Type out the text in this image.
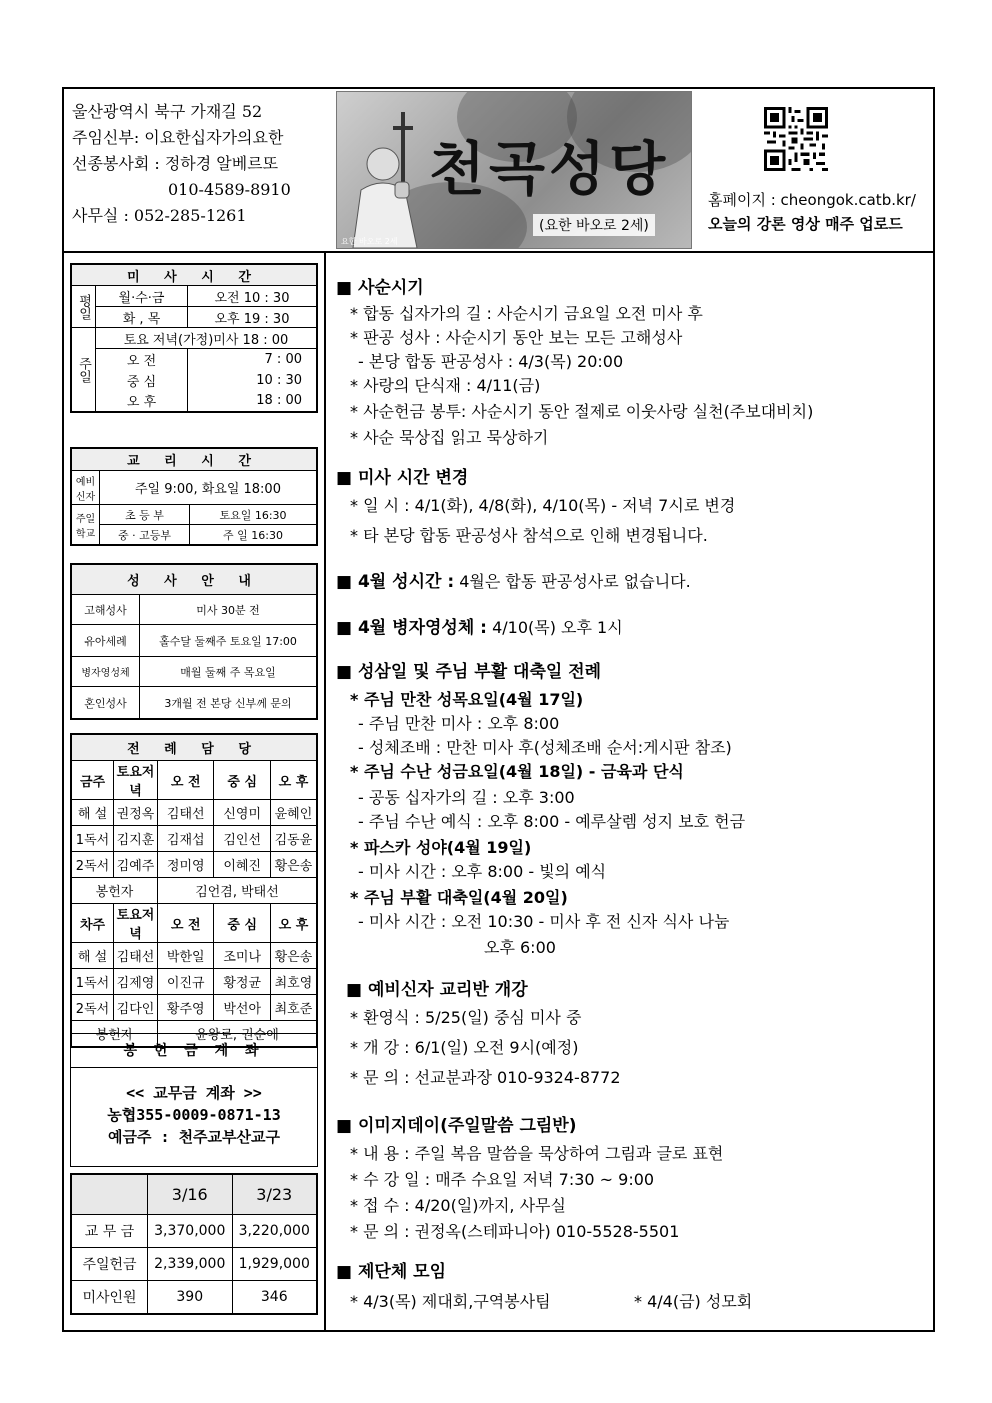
울산광역시 북구 가재길 52
주임신부: 이요한십자가의요한
선종봉사회 : 정하경 알베르또
010-4589-8910
사무실 : 052-285-1261
천곡성당
(요한 바오로 2세)
요한 바오로 2세
홈페이지 : cheongok.catb.kr/
오늘의 강론 영상 매주 업로드
미 사 시 간		
평일	월·수·금	오전 10 : 30
	화 , 목	오후 19 : 30
주일	토요 저녁(가정)미사 18 : 00	
	오 전	7 : 00
	중 심	10 : 30
	오 후	18 : 00
교 리 시 간		
예비신자	주일 9:00, 화요일 18:00	
주일학교	초 등 부	토요일 16:30
	중 · 고등부	주 일 16:30
성 사 안 내	
고해성사	미사 30분 전
유아세례	홀수달 둘째주 토요일 17:00
병자영성체	매월 둘째 주 목요일
혼인성사	3개월 전 본당 신부께 문의
전 례 담 당				
금주	토요저녁	오 전	중 심	오 후
해 설	권정옥	김태선	신영미	윤혜인
1독서	김지훈	김재섭	김인선	김동윤
2독서	김예주	정미영	이혜진	황은송
봉헌자		김언겸, 박태선		
차주	토요저녁	오 전	중 심	오 후
해 설	김태선	박한일	조미나	황은송
1독서	김제영	이진규	황정균	최호영
2독서	김다인	황주영	박선아	최호준
봉헌자		윤왕로, 권순애		
봉 헌 금 계 좌
<< 교무금 계좌 >>
농협355-0009-0871-13
예금주 : 천주교부산교구
	3/16	3/23
교 무 금	3,370,000	3,220,000
주일헌금	2,339,000	1,929,000
미사인원	390	346
■ 사순시기
* 합동 십자가의 길 : 사순시기 금요일 오전 미사 후
* 판공 성사 : 사순시기 동안 보는 모든 고해성사
- 본당 합동 판공성사 : 4/3(목) 20:00
* 사랑의 단식재 : 4/11(금)
* 사순헌금 봉투: 사순시기 동안 절제로 이웃사랑 실천(주보대비치)
* 사순 묵상집 읽고 묵상하기
■ 미사 시간 변경
* 일 시 : 4/1(화), 4/8(화), 4/10(목) - 저녁 7시로 변경
* 타 본당 합동 판공성사 참석으로 인해 변경됩니다.
■ 4월 성시간 : 4월은 합동 판공성사로 없습니다.
■ 4월 병자영성체 : 4/10(목) 오후 1시
■ 성삼일 및 주님 부활 대축일 전례
* 주님 만찬 성목요일(4월 17일)
- 주님 만찬 미사 : 오후 8:00
- 성체조배 : 만찬 미사 후(성체조배 순서:게시판 참조)
* 주님 수난 성금요일(4월 18일) - 금육과 단식
- 공동 십자가의 길 : 오후 3:00
- 주님 수난 예식 : 오후 8:00 - 예루살렘 성지 보호 헌금
* 파스카 성야(4월 19일)
- 미사 시간 : 오후 8:00 - 빛의 예식
* 주님 부활 대축일(4월 20일)
- 미사 시간 : 오전 10:30 - 미사 후 전 신자 식사 나눔
오후 6:00
■ 예비신자 교리반 개강
* 환영식 : 5/25(일) 중심 미사 중
* 개 강 : 6/1(일) 오전 9시(예정)
* 문 의 : 선교분과장 010-9324-8772
■ 이미지데이(주일말씀 그림반)
* 내 용 : 주일 복음 말씀을 묵상하여 그림과 글로 표현
* 수 강 일 : 매주 수요일 저녁 7:30 ~ 9:00
* 접 수 : 4/20(일)까지, 사무실
* 문 의 : 권정옥(스테파니아) 010-5528-5501
■ 제단체 모임
* 4/3(목) 제대회,구역봉사팀	* 4/4(금) 성모회
